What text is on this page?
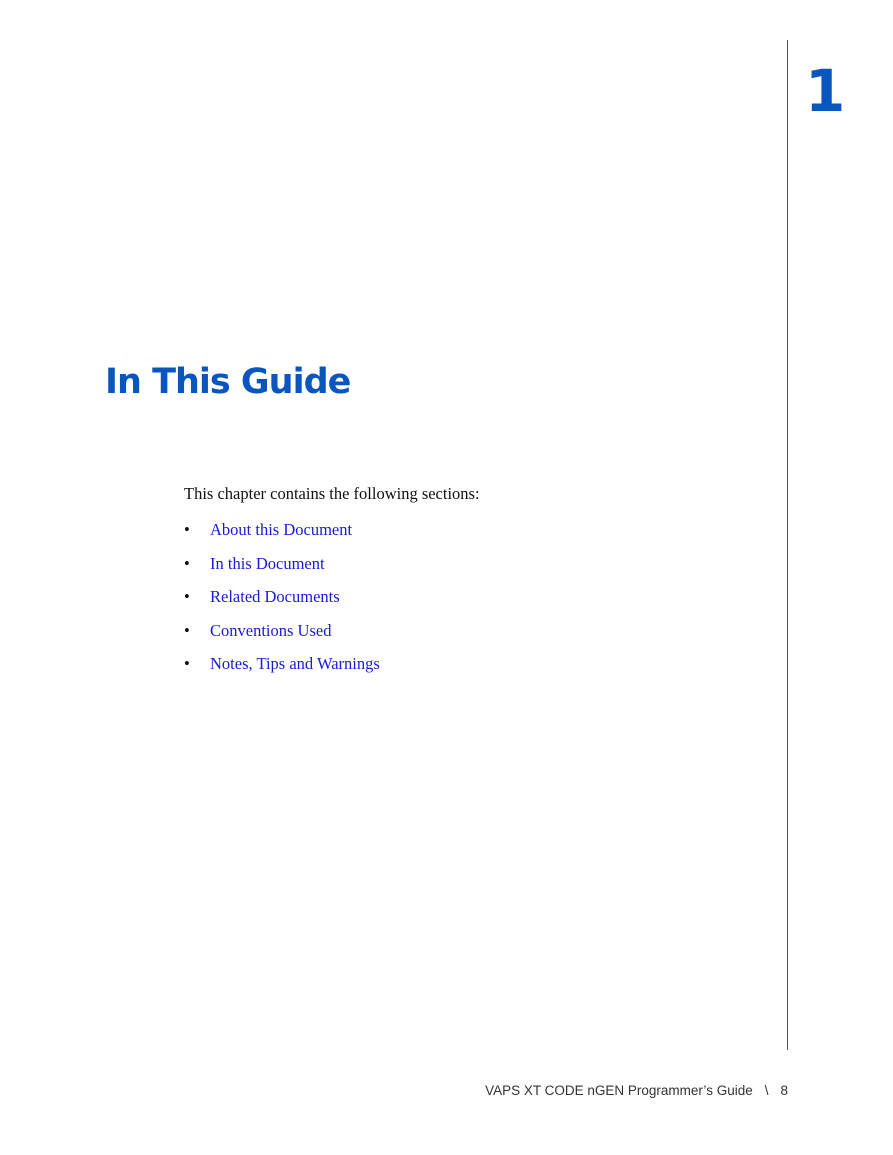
1
In This Guide

This chapter contains the following sections:

• About this Document
• In this Document
• Related Documents
• Conventions Used
• Notes, Tips and Warnings
VAPS XT CODE nGEN Programmer’s Guide \ 8
